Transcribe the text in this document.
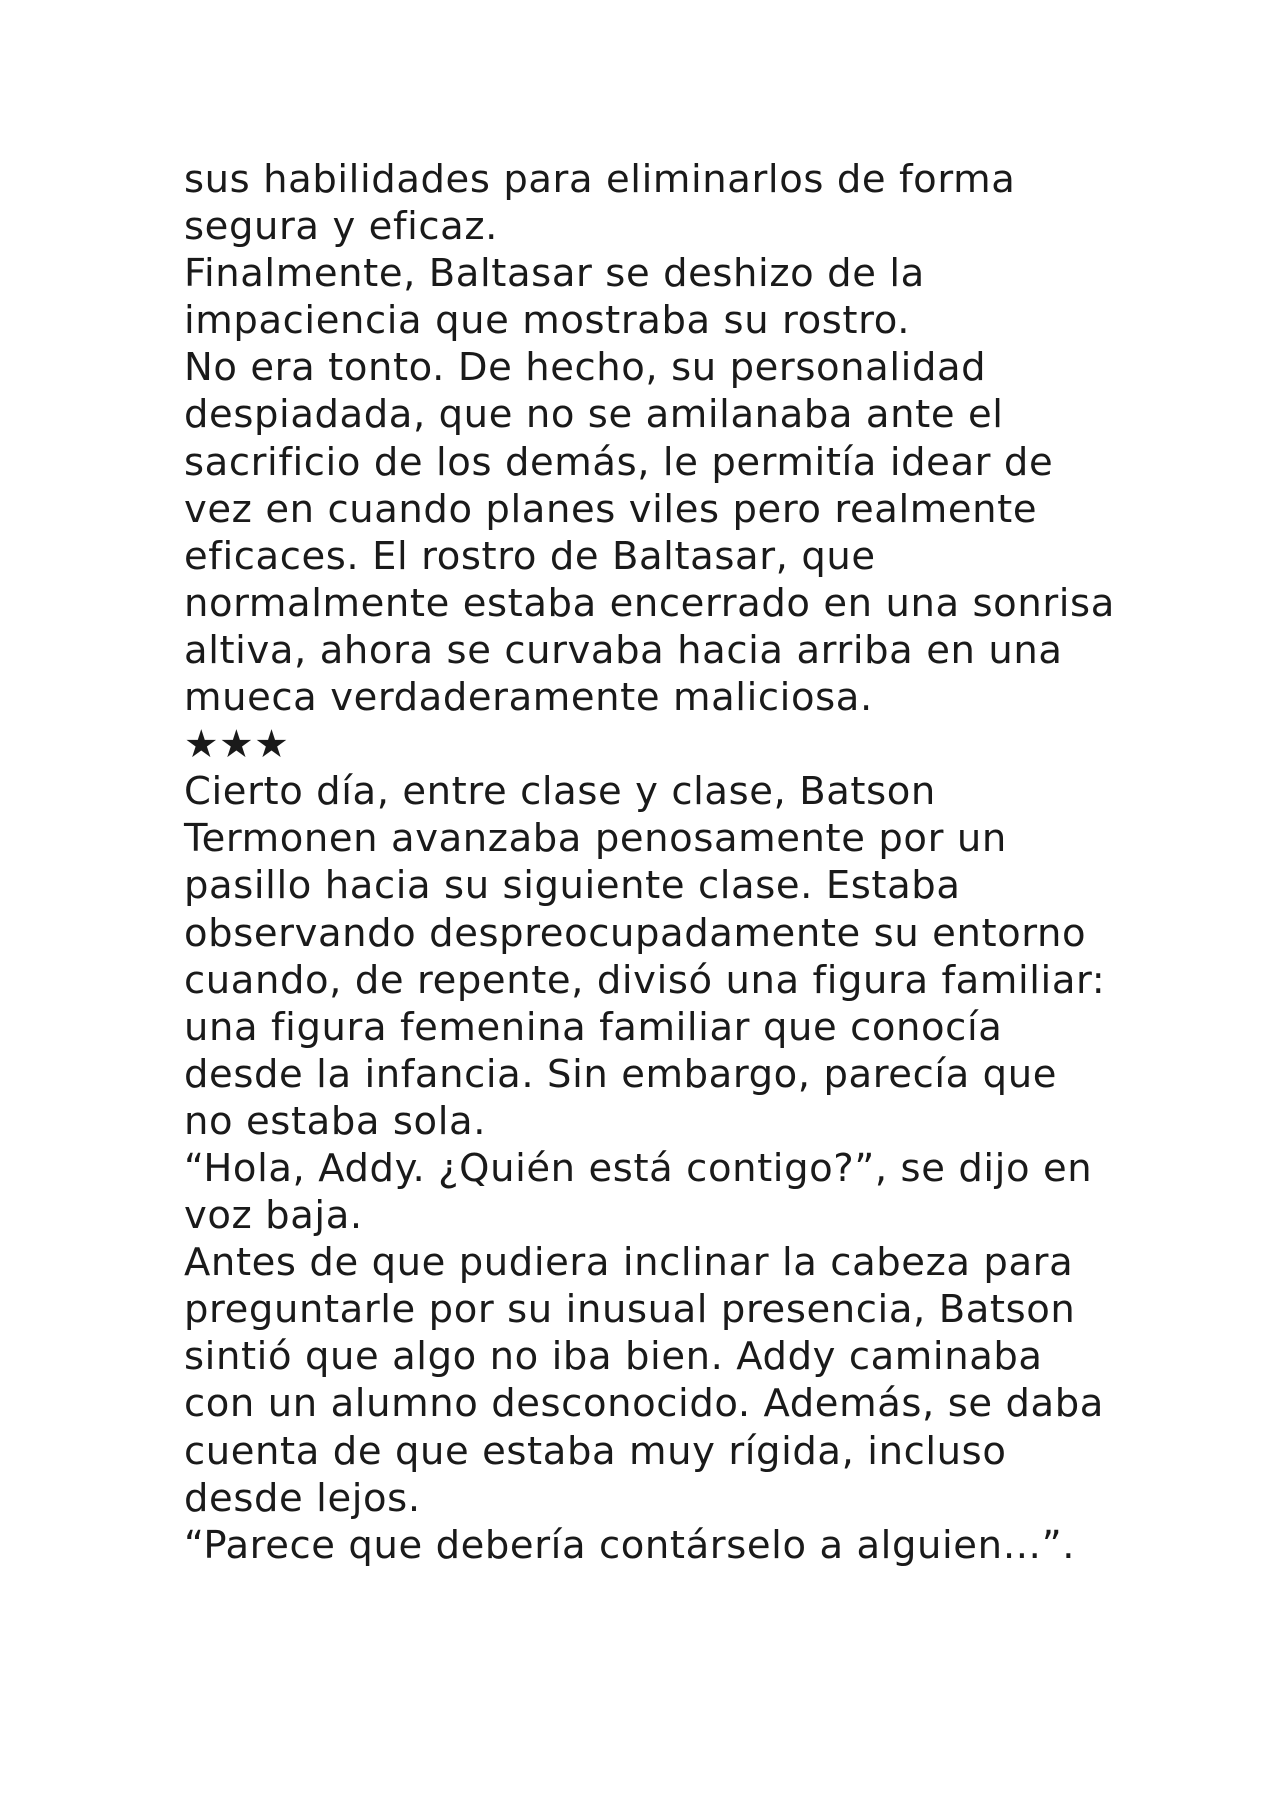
sus habilidades para eliminarlos de forma
segura y eficaz.
Finalmente, Baltasar se deshizo de la
impaciencia que mostraba su rostro.
No era tonto. De hecho, su personalidad
despiadada, que no se amilanaba ante el
sacrificio de los demás, le permitía idear de
vez en cuando planes viles pero realmente
eficaces. El rostro de Baltasar, que
normalmente estaba encerrado en una sonrisa
altiva, ahora se curvaba hacia arriba en una
mueca verdaderamente maliciosa.
★★★
Cierto día, entre clase y clase, Batson
Termonen avanzaba penosamente por un
pasillo hacia su siguiente clase. Estaba
observando despreocupadamente su entorno
cuando, de repente, divisó una figura familiar:
una figura femenina familiar que conocía
desde la infancia. Sin embargo, parecía que
no estaba sola.
“Hola, Addy. ¿Quién está contigo?”, se dijo en
voz baja.
Antes de que pudiera inclinar la cabeza para
preguntarle por su inusual presencia, Batson
sintió que algo no iba bien. Addy caminaba
con un alumno desconocido. Además, se daba
cuenta de que estaba muy rígida, incluso
desde lejos.
“Parece que debería contárselo a alguien…”.
